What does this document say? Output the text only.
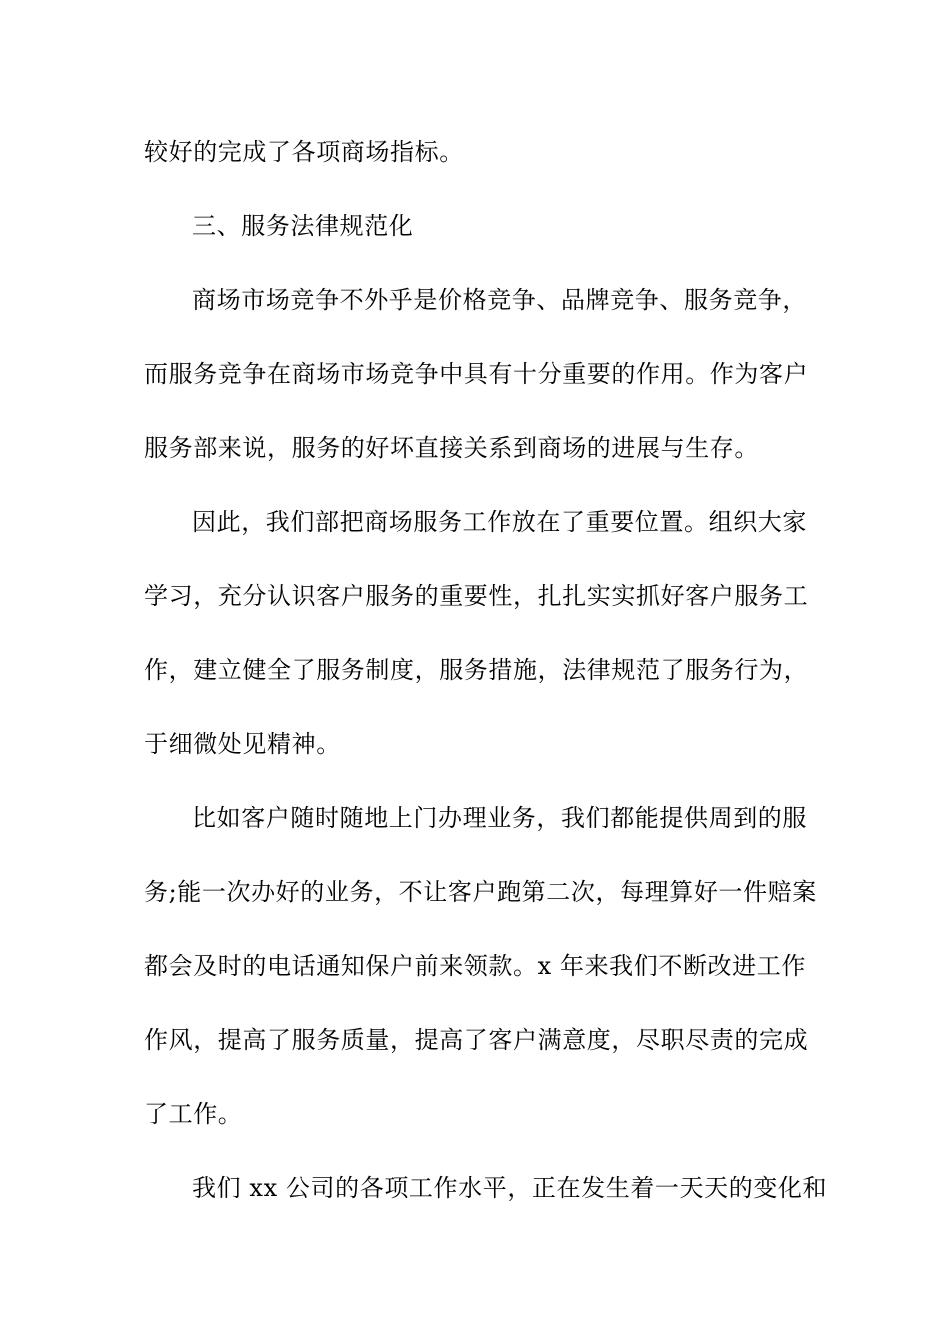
较好的完成了各项商场指标。
三、服务法律规范化
商场市场竞争不外乎是价格竞争、品牌竞争、服务竞争，
而服务竞争在商场市场竞争中具有十分重要的作用。作为客户
服务部来说，服务的好坏直接关系到商场的进展与生存。
因此，我们部把商场服务工作放在了重要位置。组织大家
学习，充分认识客户服务的重要性，扎扎实实抓好客户服务工
作，建立健全了服务制度，服务措施，法律规范了服务行为，
于细微处见精神。
比如客户随时随地上门办理业务，我们都能提供周到的服
务;能一次办好的业务，不让客户跑第二次，每理算好一件赔案
都会及时的电话通知保户前来领款。x 年来我们不断改进工作
作风，提高了服务质量，提高了客户满意度，尽职尽责的完成
了工作。
我们 xx 公司的各项工作水平，正在发生着一天天的变化和
